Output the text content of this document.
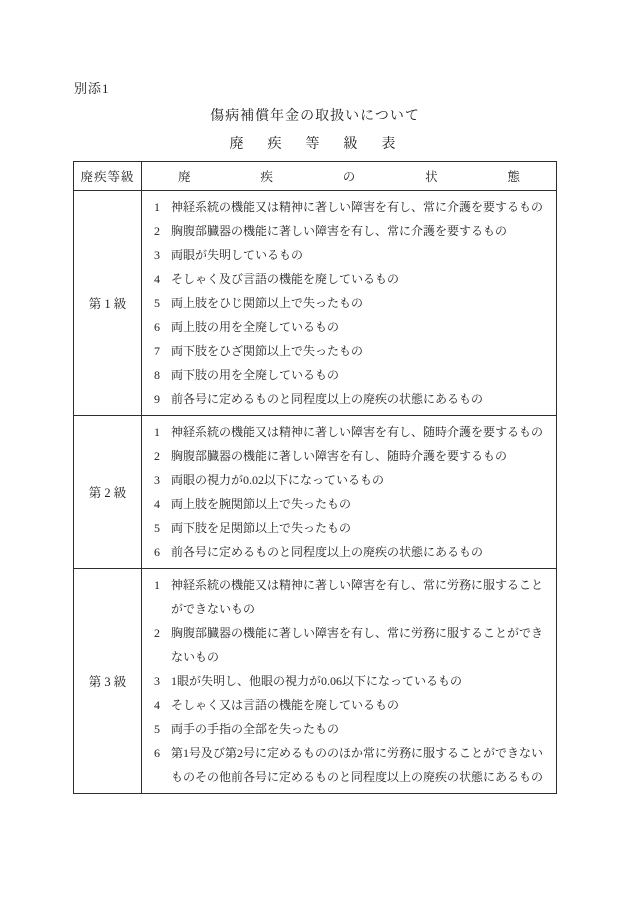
別添1
傷病補償年金の取扱いについて
廃　疾　等　級　表
廃疾等級	廃	疾	の	状	態
第 1 級
1 神経系統の機能又は精神に著しい障害を有し、常に介護を要するもの
2 胸腹部臓器の機能に著しい障害を有し、常に介護を要するもの
3 両眼が失明しているもの
4 そしゃく及び言語の機能を廃しているもの
5 両上肢をひじ関節以上で失ったもの
6 両上肢の用を全廃しているもの
7 両下肢をひざ関節以上で失ったもの
8 両下肢の用を全廃しているもの
9 前各号に定めるものと同程度以上の廃疾の状態にあるもの
第 2 級
1 神経系統の機能又は精神に著しい障害を有し、随時介護を要するもの
2 胸腹部臓器の機能に著しい障害を有し、随時介護を要するもの
3 両眼の視力が0.02以下になっているもの
4 両上肢を腕関節以上で失ったもの
5 両下肢を足関節以上で失ったもの
6 前各号に定めるものと同程度以上の廃疾の状態にあるもの
第 3 級
1 神経系統の機能又は精神に著しい障害を有し、常に労務に服することができないもの
2 胸腹部臓器の機能に著しい障害を有し、常に労務に服することができないもの
3 1眼が失明し、他眼の視力が0.06以下になっているもの
4 そしゃく又は言語の機能を廃しているもの
5 両手の手指の全部を失ったもの
6 第1号及び第2号に定めるもののほか常に労務に服することができないものその他前各号に定めるものと同程度以上の廃疾の状態にあるもの
